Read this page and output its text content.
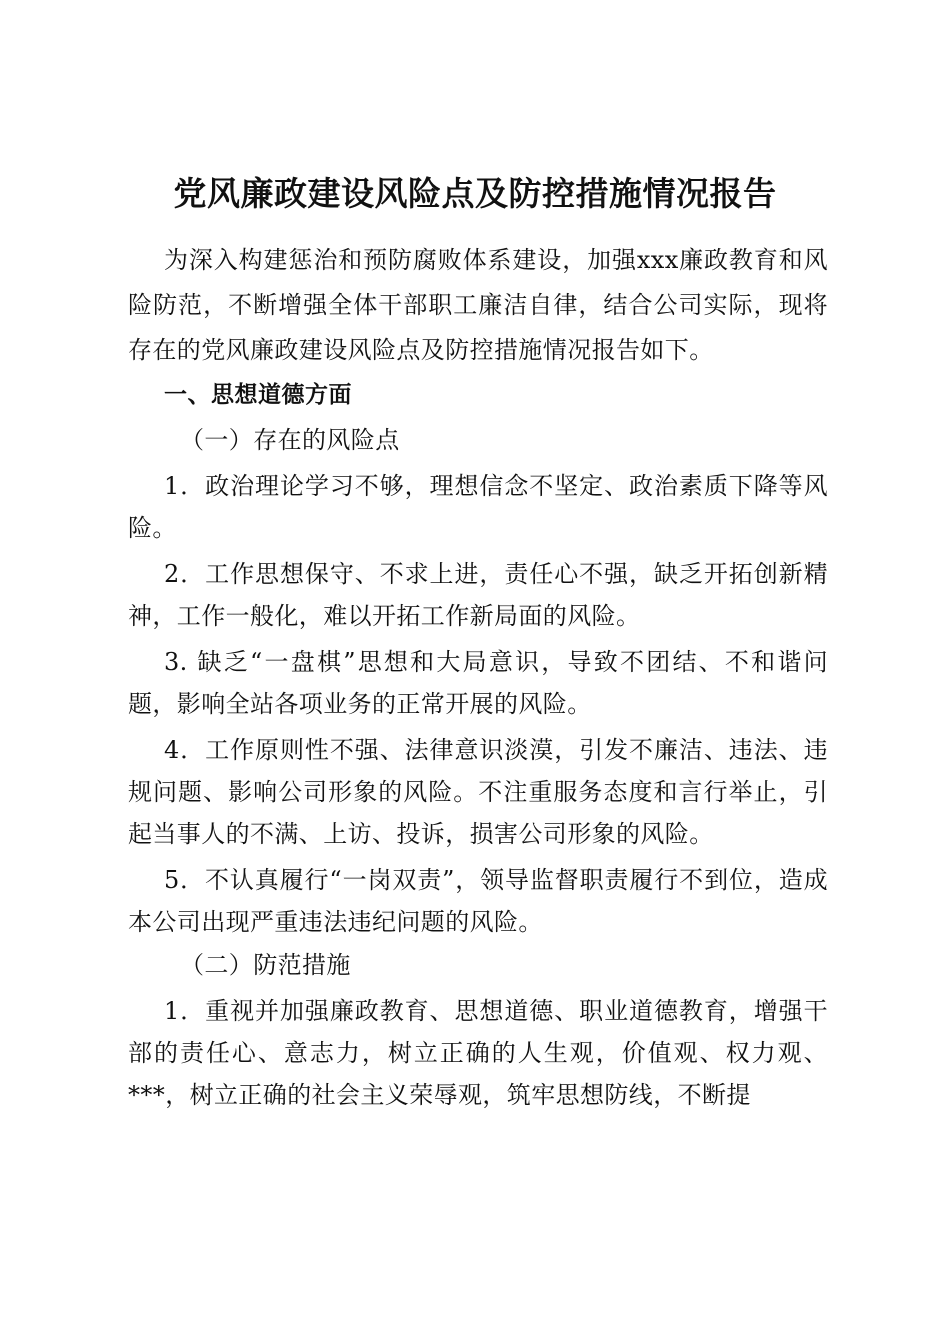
党风廉政建设风险点及防控措施情况报告

为深入构建惩治和预防腐败体系建设，加强xxx廉政教育和风险防范，不断增强全体干部职工廉洁自律，结合公司实际，现将存在的党风廉政建设风险点及防控措施情况报告如下。

一、思想道德方面

（一）存在的风险点

1．政治理论学习不够，理想信念不坚定、政治素质下降等风险。

2．工作思想保守、不求上进，责任心不强，缺乏开拓创新精神，工作一般化，难以开拓工作新局面的风险。

3. 缺乏“一盘棋”思想和大局意识，导致不团结、不和谐问题，影响全站各项业务的正常开展的风险。

4．工作原则性不强、法律意识淡漠，引发不廉洁、违法、违规问题、影响公司形象的风险。不注重服务态度和言行举止，引起当事人的不满、上访、投诉，损害公司形象的风险。

5．不认真履行“一岗双责”，领导监督职责履行不到位，造成本公司出现严重违法违纪问题的风险。

（二）防范措施

1．重视并加强廉政教育、思想道德、职业道德教育，增强干部的责任心、意志力，树立正确的人生观，价值观、权力观、***，树立正确的社会主义荣辱观，筑牢思想防线，不断提
